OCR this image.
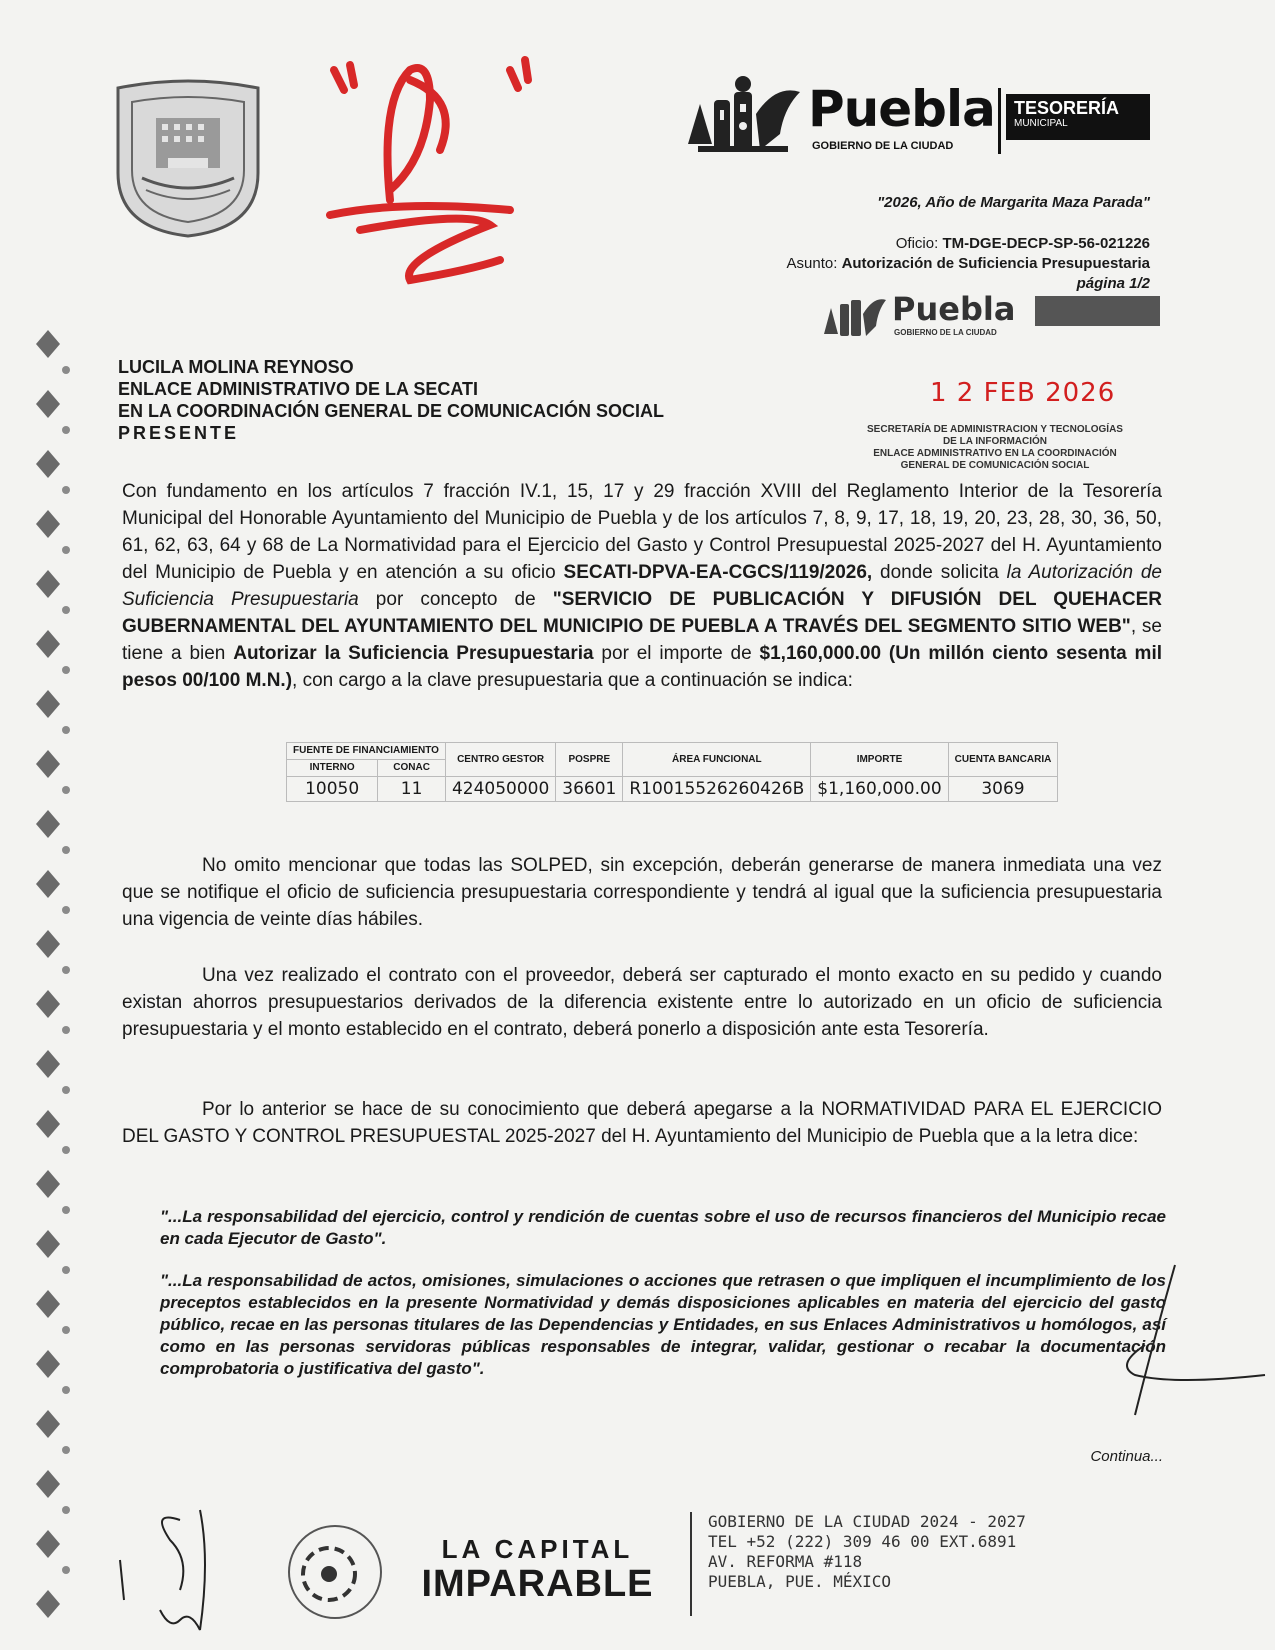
Puebla
GOBIERNO DE LA CIUDAD
TESORERÍA
MUNICIPAL
"2026, Año de Margarita Maza Parada"
Oficio: TM-DGE-DECP-SP-56-021226
Asunto: Autorización de Suficiencia Presupuestaria
página 1/2
Puebla
GOBIERNO DE LA CIUDAD
LUCILA MOLINA REYNOSO
ENLACE ADMINISTRATIVO DE LA SECATI
EN LA COORDINACIÓN GENERAL DE COMUNICACIÓN SOCIAL
PRESENTE
1 2 FEB 2026
SECRETARÍA DE ADMINISTRACION Y TECNOLOGÍAS
DE LA INFORMACIÓN
ENLACE ADMINISTRATIVO EN LA COORDINACIÓN
GENERAL DE COMUNICACIÓN SOCIAL
Con fundamento en los artículos 7 fracción IV.1, 15, 17 y 29 fracción XVIII del Reglamento Interior de la Tesorería Municipal del Honorable Ayuntamiento del Municipio de Puebla y de los artículos 7, 8, 9, 17, 18, 19, 20, 23, 28, 30, 36, 50, 61, 62, 63, 64 y 68 de La Normatividad para el Ejercicio del Gasto y Control Presupuestal 2025-2027 del H. Ayuntamiento del Municipio de Puebla y en atención a su oficio SECATI-DPVA-EA-CGCS/119/2026, donde solicita la Autorización de Suficiencia Presupuestaria por concepto de "SERVICIO DE PUBLICACIÓN Y DIFUSIÓN DEL QUEHACER GUBERNAMENTAL DEL AYUNTAMIENTO DEL MUNICIPIO DE PUEBLA A TRAVÉS DEL SEGMENTO SITIO WEB", se tiene a bien Autorizar la Suficiencia Presupuestaria por el importe de $1,160,000.00 (Un millón ciento sesenta mil pesos 00/100 M.N.), con cargo a la clave presupuestaria que a continuación se indica:
FUENTE DE FINANCIAMIENTO		CENTRO GESTOR	POSPRE	ÁREA FUNCIONAL	IMPORTE	CUENTA BANCARIA
INTERNO	CONAC					
10050	11	424050000	36601	R10015526260426B	$1,160,000.00	3069
No omito mencionar que todas las SOLPED, sin excepción, deberán generarse de manera inmediata una vez que se notifique el oficio de suficiencia presupuestaria correspondiente y tendrá al igual que la suficiencia presupuestaria una vigencia de veinte días hábiles.
Una vez realizado el contrato con el proveedor, deberá ser capturado el monto exacto en su pedido y cuando existan ahorros presupuestarios derivados de la diferencia existente entre lo autorizado en un oficio de suficiencia presupuestaria y el monto establecido en el contrato, deberá ponerlo a disposición ante esta Tesorería.
Por lo anterior se hace de su conocimiento que deberá apegarse a la NORMATIVIDAD PARA EL EJERCICIO DEL GASTO Y CONTROL PRESUPUESTAL 2025-2027 del H. Ayuntamiento del Municipio de Puebla que a la letra dice:
"...La responsabilidad del ejercicio, control y rendición de cuentas sobre el uso de recursos financieros del Municipio recae en cada Ejecutor de Gasto".
"...La responsabilidad de actos, omisiones, simulaciones o acciones que retrasen o que impliquen el incumplimiento de los preceptos establecidos en la presente Normatividad y demás disposiciones aplicables en materia del ejercicio del gasto público, recae en las personas titulares de las Dependencias y Entidades, en sus Enlaces Administrativos u homólogos, así como en las personas servidoras públicas responsables de integrar, validar, gestionar o recabar la documentación comprobatoria o justificativa del gasto".
Continua...
LA CAPITAL
IMPARABLE
GOBIERNO DE LA CIUDAD 2024 - 2027
TEL +52 (222) 309 46 00 EXT.6891
AV. REFORMA #118
PUEBLA, PUE. MÉXICO
